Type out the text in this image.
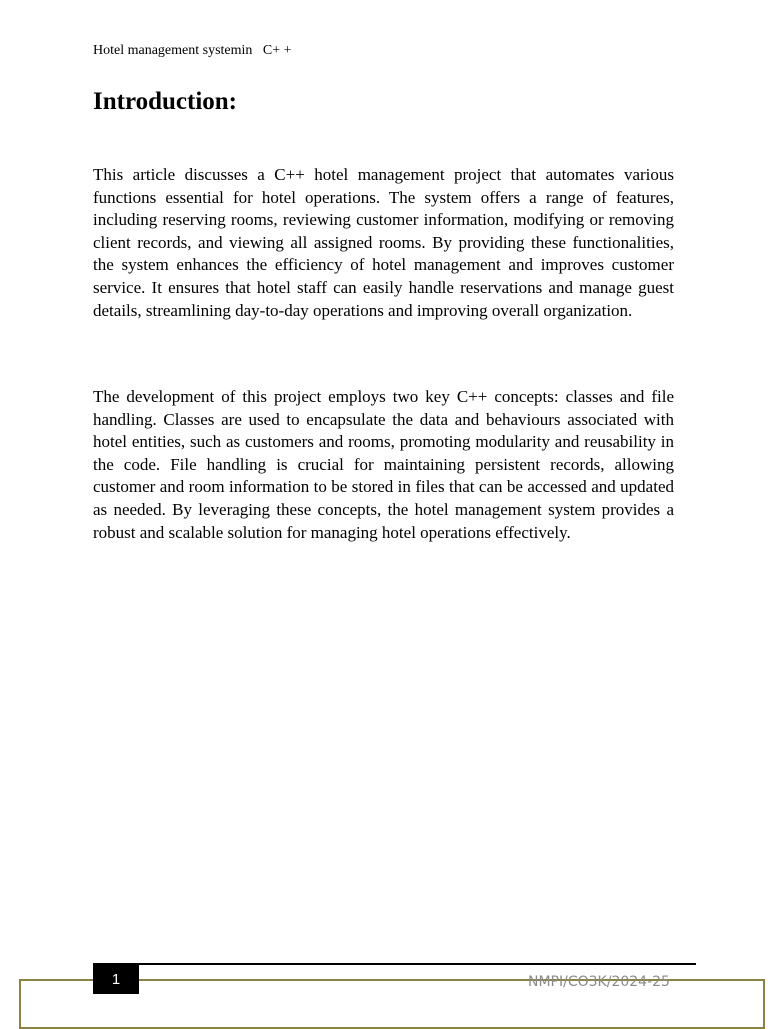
Hotel management systemin   C+ +
Introduction:

This article discusses a C++ hotel management project that automates various functions essential for hotel operations. The system offers a range of features, including reserving rooms, reviewing customer information, modifying or removing client records, and viewing all assigned rooms. By providing these functionalities, the system enhances the efficiency of hotel management and improves customer service. It ensures that hotel staff can easily handle reservations and manage guest details, streamlining day-to-day operations and improving overall organization.

The development of this project employs two key C++ concepts: classes and file handling. Classes are used to encapsulate the data and behaviours associated with hotel entities, such as customers and rooms, promoting modularity and reusability in the code. File handling is crucial for maintaining persistent records, allowing customer and room information to be stored in files that can be accessed and updated as needed. By leveraging these concepts, the hotel management system provides a robust and scalable solution for managing hotel operations effectively.

1	NMPI/CO3K/2024-25
